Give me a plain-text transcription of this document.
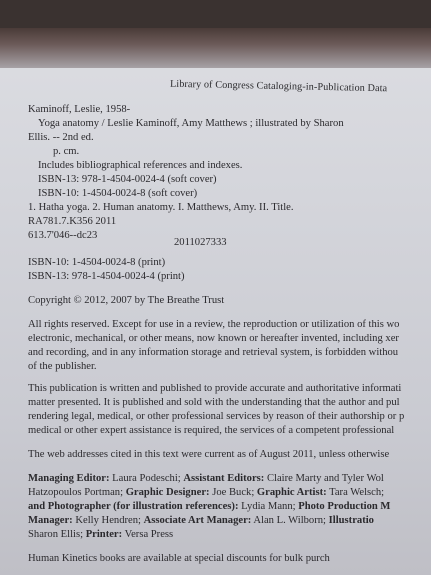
Library of Congress Cataloging-in-Publication Data
Kaminoff, Leslie, 1958-
Yoga anatomy / Leslie Kaminoff, Amy Matthews ; illustrated by Sharon
Ellis. -- 2nd ed.
p. cm.
Includes bibliographical references and indexes.
ISBN-13: 978-1-4504-0024-4 (soft cover)
ISBN-10: 1-4504-0024-8 (soft cover)
1. Hatha yoga. 2. Human anatomy. I. Matthews, Amy. II. Title.
RA781.7.K356 2011
613.7'046--dc23
2011027333
ISBN-10: 1-4504-0024-8 (print)
ISBN-13: 978-1-4504-0024-4 (print)
Copyright © 2012, 2007 by The Breathe Trust
All rights reserved. Except for use in a review, the reproduction or utilization of this wo
electronic, mechanical, or other means, now known or hereafter invented, including xer
and recording, and in any information storage and retrieval system, is forbidden withou
of the publisher.
This publication is written and published to provide accurate and authoritative informati
matter presented. It is published and sold with the understanding that the author and pul
rendering legal, medical, or other professional services by reason of their authorship or p
medical or other expert assistance is required, the services of a competent professional
The web addresses cited in this text were current as of August 2011, unless otherwise
Managing Editor: Laura Podeschi; Assistant Editors: Claire Marty and Tyler Wol
Hatzopoulos Portman; Graphic Designer: Joe Buck; Graphic Artist: Tara Welsch;
and Photographer (for illustration references): Lydia Mann; Photo Production M
Manager: Kelly Hendren; Associate Art Manager: Alan L. Wilborn; Illustratio
Sharon Ellis; Printer: Versa Press
Human Kinetics books are available at special discounts for bulk purch
